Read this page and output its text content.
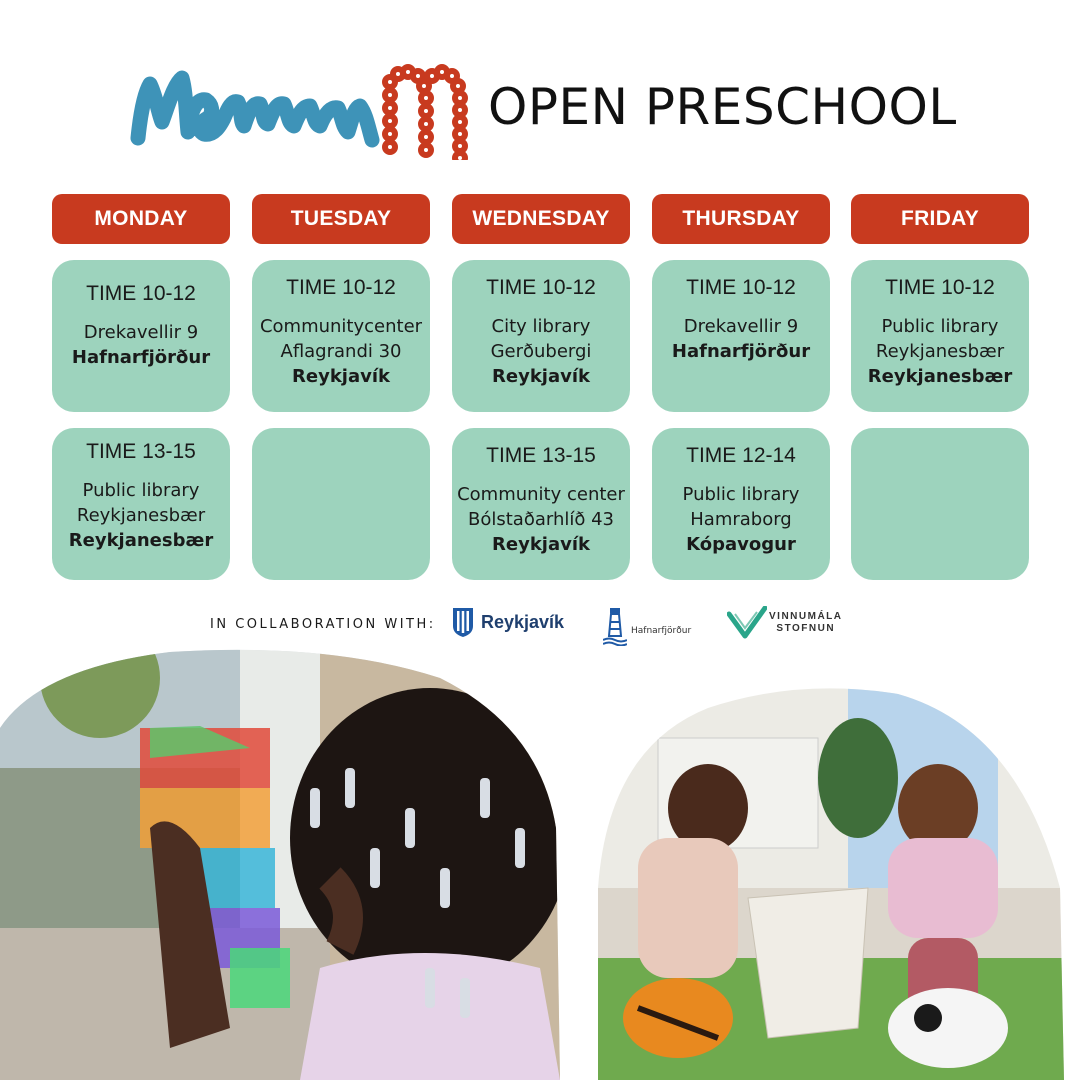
OPEN PRESCHOOL
MONDAY
TIME 10-12
Drekavellir 9
Hafnarfjörður
TIME 13-15
Public library
Reykjanesbær
Reykjanesbær
TUESDAY
TIME 10-12
Communitycenter
Aflagrandi 30
Reykjavík
WEDNESDAY
TIME 10-12
City library
Gerðubergi
Reykjavík
TIME 13-15
Community center
Bólstaðarhlíð 43
Reykjavík
THURSDAY
TIME 10-12
Drekavellir 9
Hafnarfjörður
TIME 12-14
Public library
Hamraborg
Kópavogur
FRIDAY
TIME 10-12
Public library
Reykjanesbær
Reykjanesbær
IN COLLABORATION WITH:	Reykjavík	Hafnarfjörður
VINNUMÁLA
STOFNUN
